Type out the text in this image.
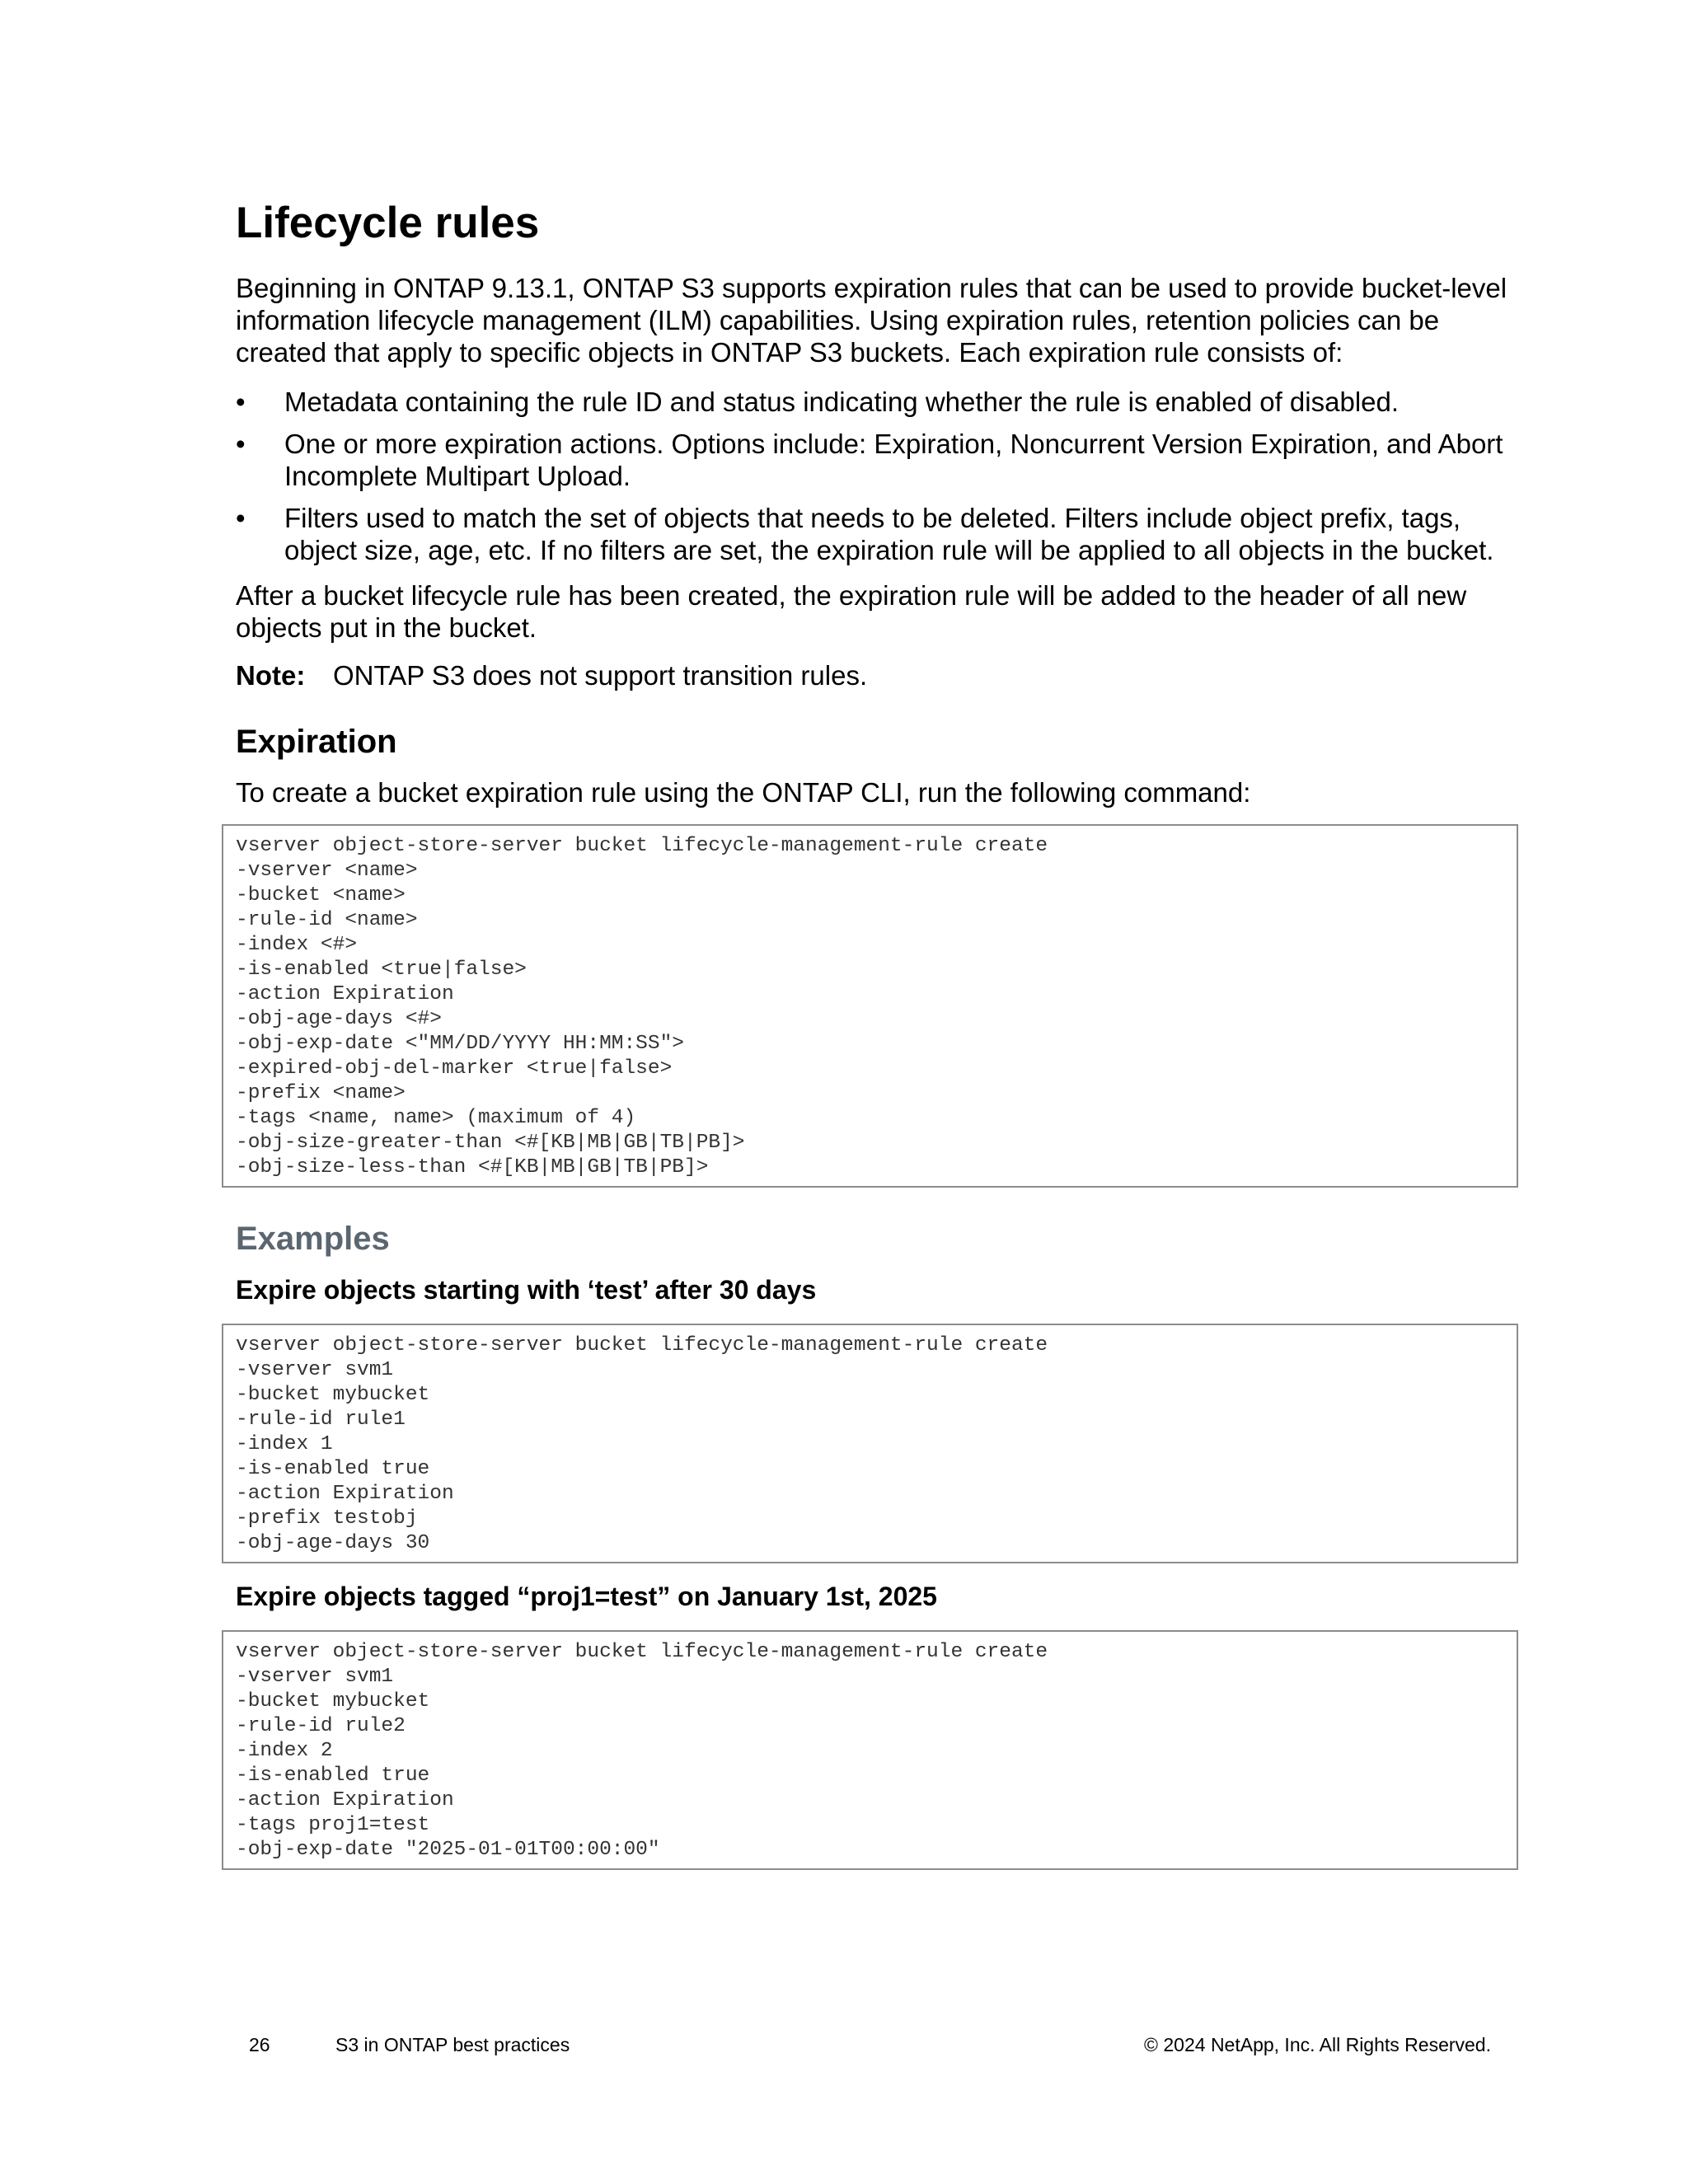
Lifecycle rules
Beginning in ONTAP 9.13.1, ONTAP S3 supports expiration rules that can be used to provide bucket-level information lifecycle management (ILM) capabilities. Using expiration rules, retention policies can be created that apply to specific objects in ONTAP S3 buckets. Each expiration rule consists of:
• Metadata containing the rule ID and status indicating whether the rule is enabled of disabled.
• One or more expiration actions. Options include: Expiration, Noncurrent Version Expiration, and Abort Incomplete Multipart Upload.
• Filters used to match the set of objects that needs to be deleted. Filters include object prefix, tags, object size, age, etc. If no filters are set, the expiration rule will be applied to all objects in the bucket.
After a bucket lifecycle rule has been created, the expiration rule will be added to the header of all new objects put in the bucket.
Note: ONTAP S3 does not support transition rules.
Expiration
To create a bucket expiration rule using the ONTAP CLI, run the following command:
vserver object-store-server bucket lifecycle-management-rule create
-vserver <name>
-bucket <name>
-rule-id <name>
-index <#>
-is-enabled <true|false>
-action Expiration
-obj-age-days <#>
-obj-exp-date <"MM/DD/YYYY HH:MM:SS">
-expired-obj-del-marker <true|false>
-prefix <name>
-tags <name, name> (maximum of 4)
-obj-size-greater-than <#[KB|MB|GB|TB|PB]>
-obj-size-less-than <#[KB|MB|GB|TB|PB]>
Examples
Expire objects starting with ‘test’ after 30 days
vserver object-store-server bucket lifecycle-management-rule create
-vserver svm1
-bucket mybucket
-rule-id rule1
-index 1
-is-enabled true
-action Expiration
-prefix testobj
-obj-age-days 30
Expire objects tagged “proj1=test” on January 1st, 2025
vserver object-store-server bucket lifecycle-management-rule create
-vserver svm1
-bucket mybucket
-rule-id rule2
-index 2
-is-enabled true
-action Expiration
-tags proj1=test
-obj-exp-date "2025-01-01T00:00:00"
26	S3 in ONTAP best practices	© 2024 NetApp, Inc. All Rights Reserved.
